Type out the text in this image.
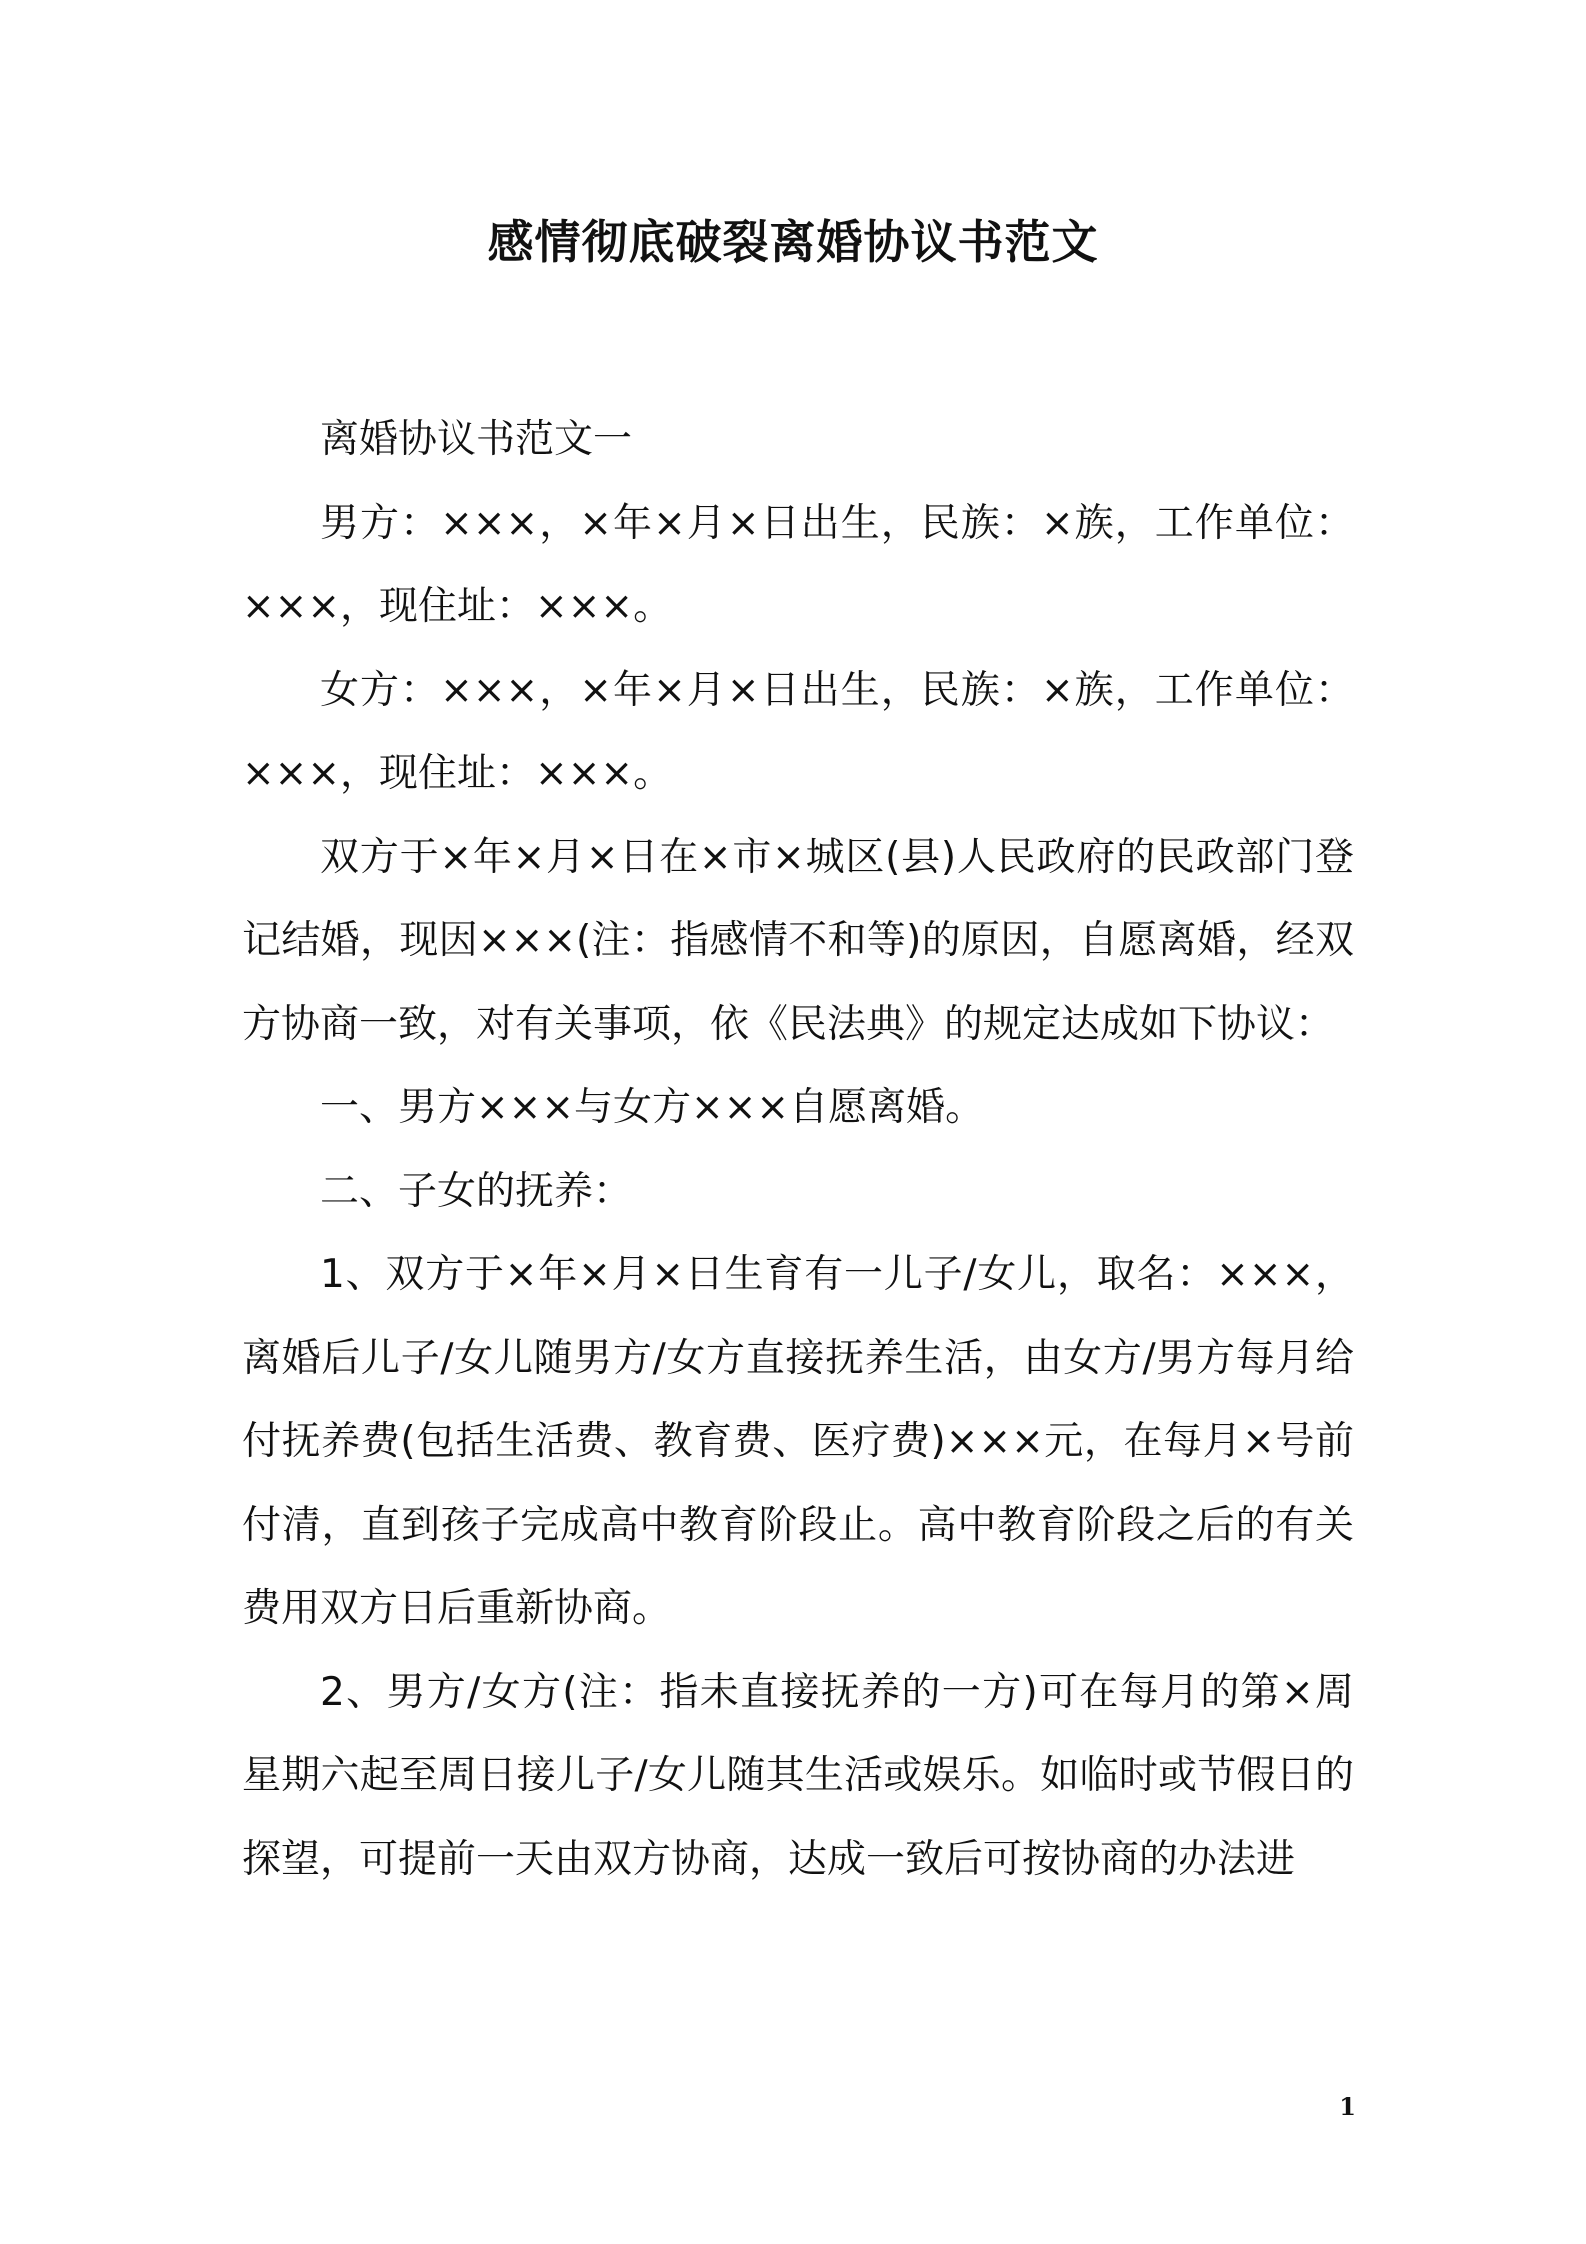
感情彻底破裂离婚协议书范文

离婚协议书范文一

男方：×××，×年×月×日出生，民族：×族，工作单位：×××，现住址：×××。

女方：×××，×年×月×日出生，民族：×族，工作单位：×××，现住址：×××。

双方于×年×月×日在×市×城区(县)人民政府的民政部门登记结婚，现因×××(注：指感情不和等)的原因，自愿离婚，经双方协商一致，对有关事项，依《民法典》的规定达成如下协议：

一、男方×××与女方×××自愿离婚。

二、子女的抚养：

1、双方于×年×月×日生育有一儿子/女儿，取名：×××，离婚后儿子/女儿随男方/女方直接抚养生活，由女方/男方每月给付抚养费(包括生活费、教育费、医疗费)×××元，在每月×号前付清，直到孩子完成高中教育阶段止。高中教育阶段之后的有关费用双方日后重新协商。

2、男方/女方(注：指未直接抚养的一方)可在每月的第×周星期六起至周日接儿子/女儿随其生活或娱乐。如临时或节假日的探望，可提前一天由双方协商，达成一致后可按协商的办法进

1
